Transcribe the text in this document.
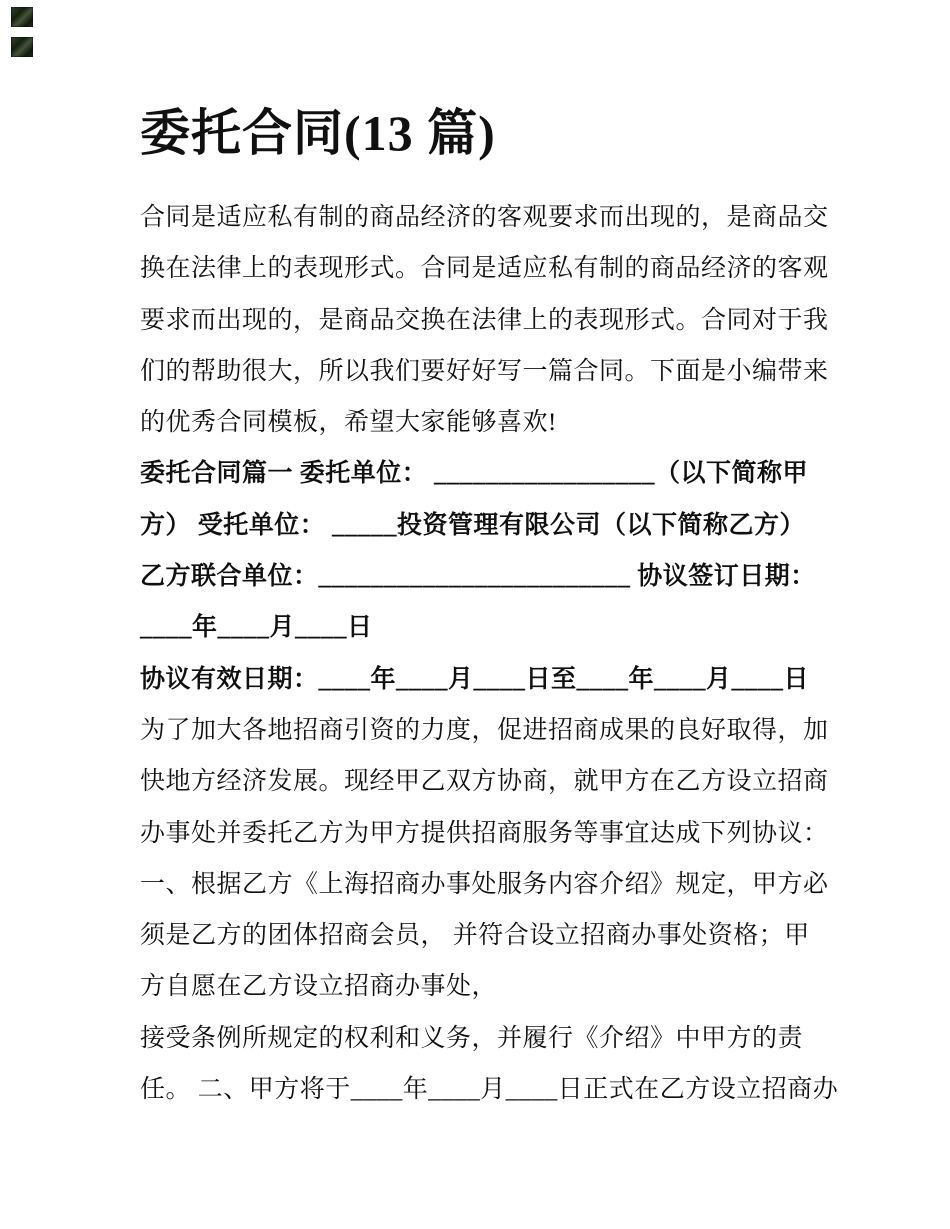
委托合同(13 篇)
合同是适应私有制的商品经济的客观要求而出现的，是商品交
换在法律上的表现形式。合同是适应私有制的商品经济的客观
要求而出现的，是商品交换在法律上的表现形式。合同对于我
们的帮助很大，所以我们要好好写一篇合同。下面是小编带来
的优秀合同模板，希望大家能够喜欢!
委托合同篇一 委托单位： _________________（以下简称甲
方） 受托单位： _____投资管理有限公司（以下简称乙方）
乙方联合单位：________________________ 协议签订日期：
____年____月____日
协议有效日期：____年____月____日至____年____月____日
为了加大各地招商引资的力度，促进招商成果的良好取得，加
快地方经济发展。现经甲乙双方协商，就甲方在乙方设立招商
办事处并委托乙方为甲方提供招商服务等事宜达成下列协议：
一、根据乙方《上海招商办事处服务内容介绍》规定，甲方必
须是乙方的团体招商会员， 并符合设立招商办事处资格；甲
方自愿在乙方设立招商办事处，
接受条例所规定的权利和义务，并履行《介绍》中甲方的责
任。 二、甲方将于____年____月____日正式在乙方设立招商办
